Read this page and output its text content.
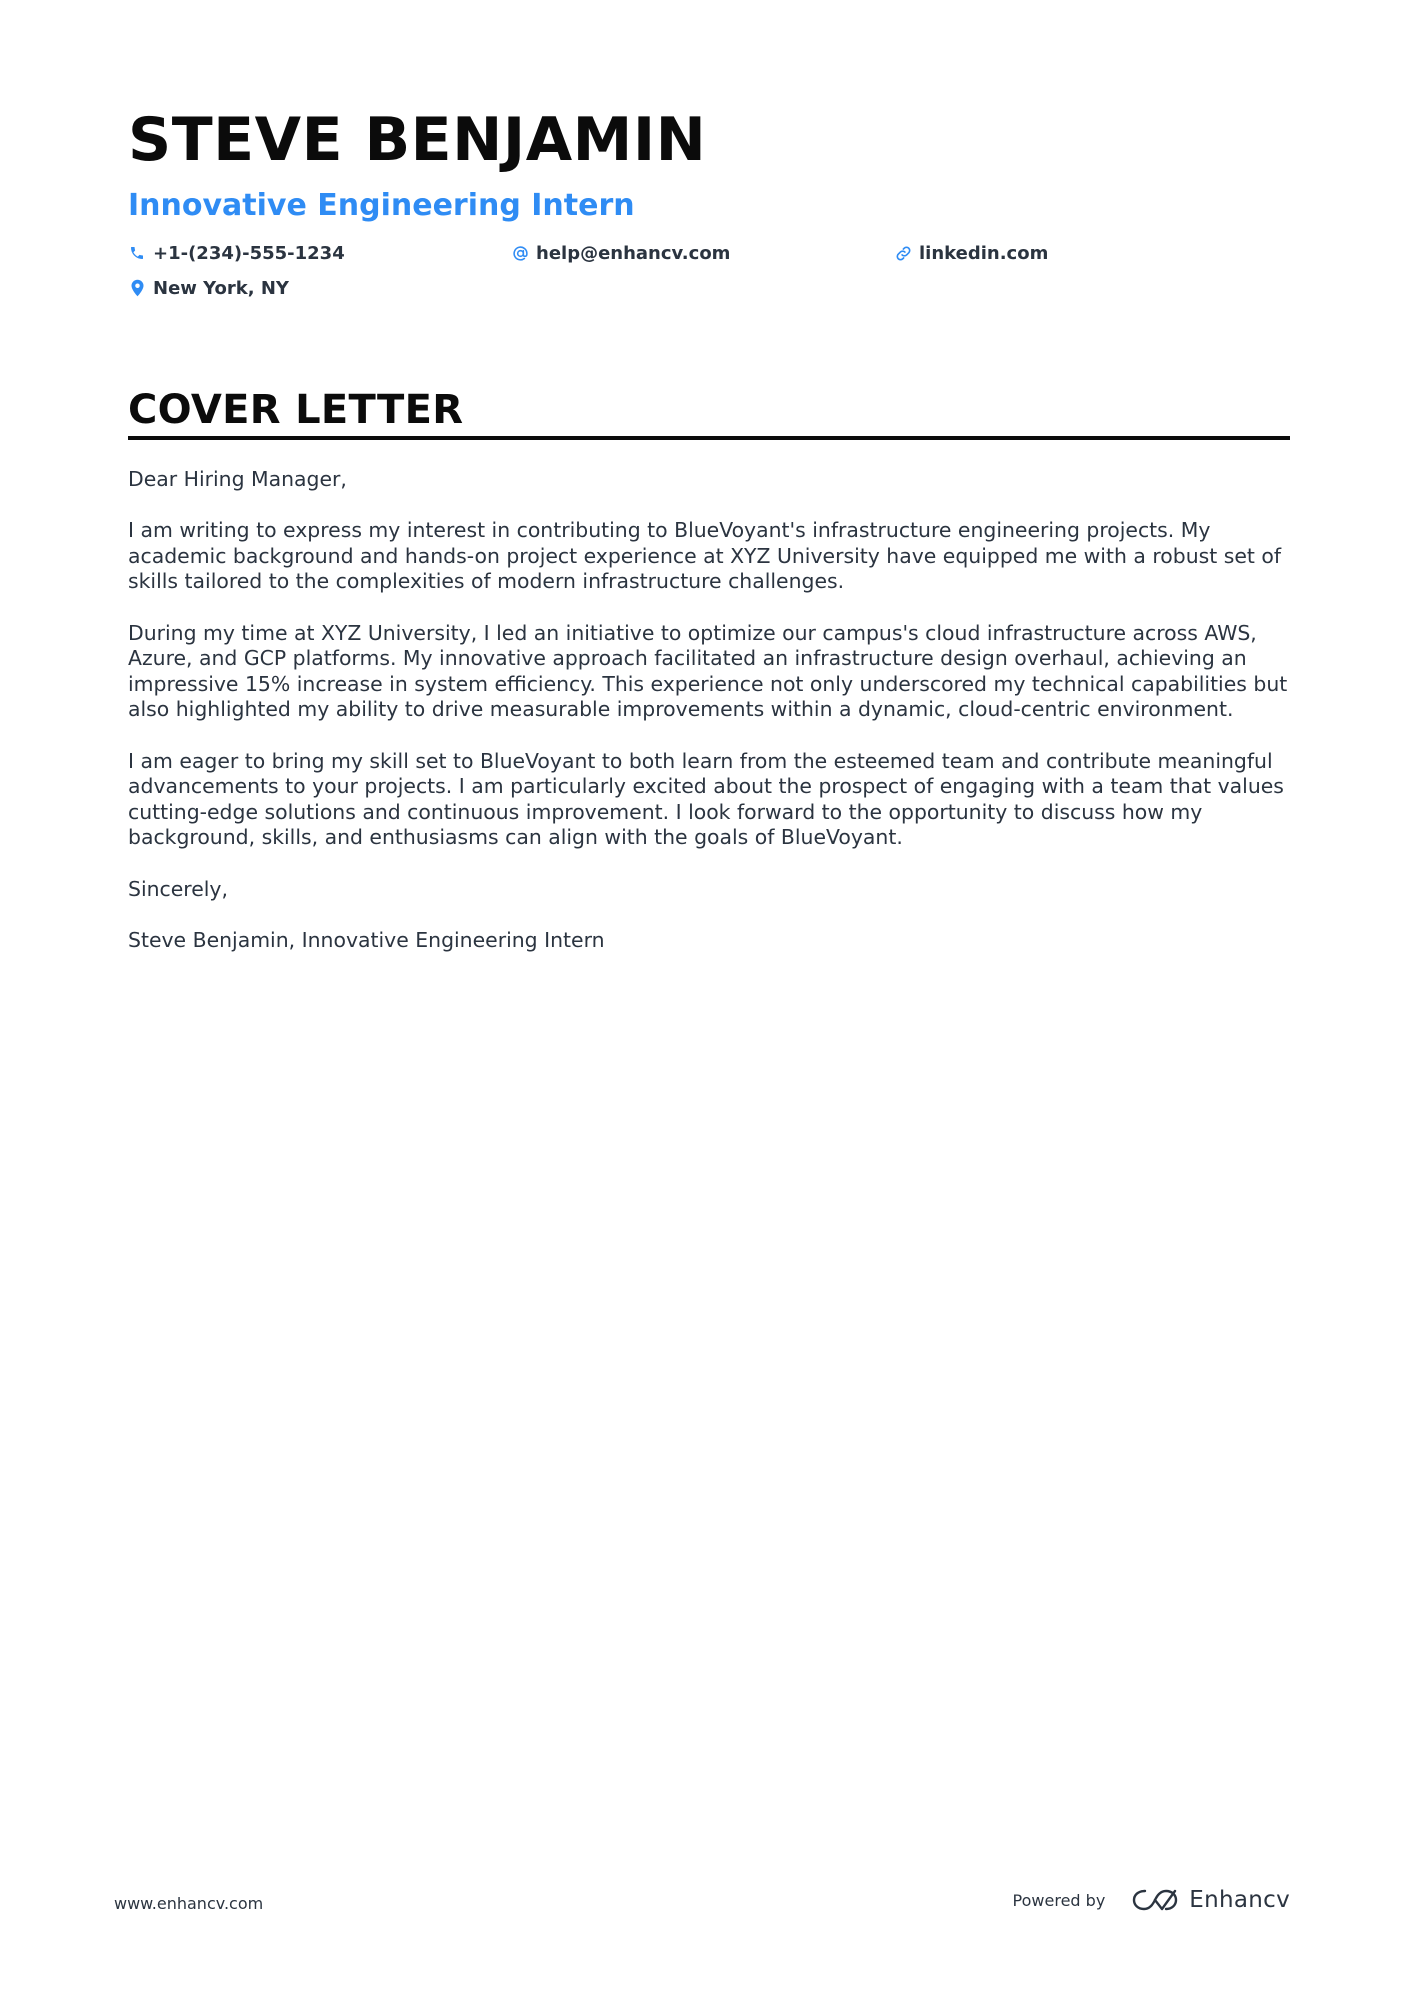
STEVE BENJAMIN
Innovative Engineering Intern
+1-(234)-555-1234	help@enhancv.com	linkedin.com
New York, NY
COVER LETTER

Dear Hiring Manager,

I am writing to express my interest in contributing to BlueVoyant's infrastructure engineering projects. My academic background and hands-on project experience at XYZ University have equipped me with a robust set of skills tailored to the complexities of modern infrastructure challenges.

During my time at XYZ University, I led an initiative to optimize our campus's cloud infrastructure across AWS, Azure, and GCP platforms. My innovative approach facilitated an infrastructure design overhaul, achieving an impressive 15% increase in system efficiency. This experience not only underscored my technical capabilities but also highlighted my ability to drive measurable improvements within a dynamic, cloud-centric environment.

I am eager to bring my skill set to BlueVoyant to both learn from the esteemed team and contribute meaningful advancements to your projects. I am particularly excited about the prospect of engaging with a team that values cutting-edge solutions and continuous improvement. I look forward to the opportunity to discuss how my background, skills, and enthusiasms can align with the goals of BlueVoyant.

Sincerely,

Steve Benjamin, Innovative Engineering Intern

www.enhancv.com	Powered by	Enhancv
